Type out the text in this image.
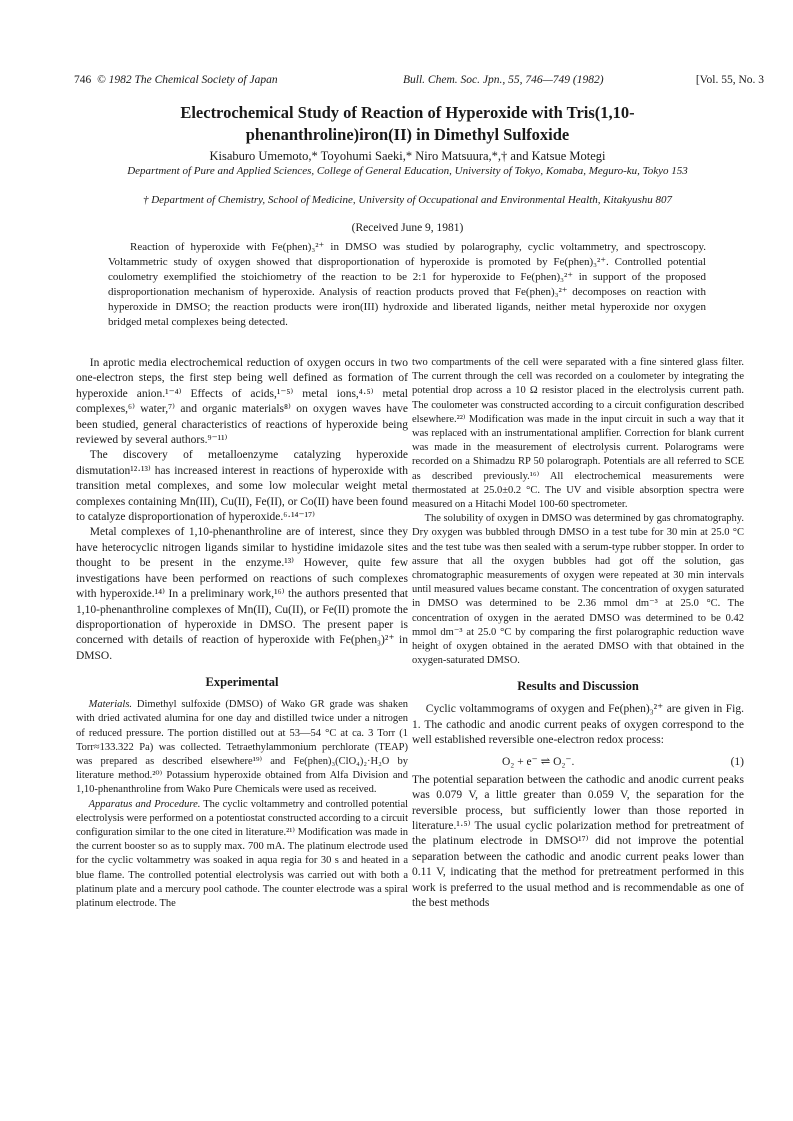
746 © 1982 The Chemical Society of Japan	Bull. Chem. Soc. Jpn., 55, 746—749 (1982)	[Vol. 55, No. 3
Electrochemical Study of Reaction of Hyperoxide with Tris(1,10-phenanthroline)iron(II) in Dimethyl Sulfoxide
Kisaburo Umemoto,* Toyohumi Saeki,* Niro Matsuura,*,† and Katsue Motegi
Department of Pure and Applied Sciences, College of General Education, University of Tokyo, Komaba, Meguro-ku, Tokyo 153
† Department of Chemistry, School of Medicine, University of Occupational and Environmental Health, Kitakyushu 807
(Received June 9, 1981)

Reaction of hyperoxide with Fe(phen)₃²⁺ in DMSO was studied by polarography, cyclic voltammetry, and spectroscopy. Voltammetric study of oxygen showed that disproportionation of hyperoxide is promoted by Fe(phen)₃²⁺. Controlled potential coulometry exemplified the stoichiometry of the reaction to be 2:1 for hyperoxide to Fe(phen)₃²⁺ in support of the proposed disproportionation mechanism of hyperoxide. Analysis of reaction products proved that Fe(phen)₃²⁺ decomposes on reaction with hyperoxide in DMSO; the reaction products were iron(III) hydroxide and liberated ligands, neither metal hyperoxide nor oxygen bridged metal complexes being detected.

In aprotic media electrochemical reduction of oxygen occurs in two one-electron steps, the first step being well defined as formation of hyperoxide anion.¹⁻⁴⁾ Effects of acids,¹⁻⁵⁾ metal ions,⁴·⁵⁾ metal complexes,⁶⁾ water,⁷⁾ and organic materials⁸⁾ on oxygen waves have been studied, general characteristics of reactions of hyperoxide being reviewed by several authors.⁹⁻¹¹⁾

The discovery of metalloenzyme catalyzing hyperoxide dismutation¹²·¹³⁾ has increased interest in reactions of hyperoxide with transition metal complexes, and some low molecular weight metal complexes containing Mn(III), Cu(II), Fe(II), or Co(II) have been found to catalyze disproportionation of hyperoxide.⁶·¹⁴⁻¹⁷⁾

Metal complexes of 1,10-phenanthroline are of interest, since they have heterocyclic nitrogen ligands similar to hystidine imidazole sites thought to be present in the enzyme.¹³⁾ However, quite few investigations have been performed on reactions of such complexes with hyperoxide.¹⁴⁾ In a preliminary work,¹⁶⁾ the authors presented that 1,10-phenanthroline complexes of Mn(II), Cu(II), or Fe(II) promote the disproportionation of hyperoxide in DMSO. The present paper is concerned with details of reaction of hyperoxide with Fe(phen₃)²⁺ in DMSO.

Experimental

Materials. Dimethyl sulfoxide (DMSO) of Wako GR grade was shaken with dried activated alumina for one day and distilled twice under a nitrogen of reduced pressure. The portion distilled out at 53—54 °C at ca. 3 Torr (1 Torr≈133.322 Pa) was collected. Tetraethylammonium perchlorate (TEAP) was prepared as described elsewhere¹⁹⁾ and Fe(phen)₃(ClO₄)₂·H₂O by literature method.²⁰⁾ Potassium hyperoxide obtained from Alfa Division and 1,10-phenanthroline from Wako Pure Chemicals were used as received.

Apparatus and Procedure. The cyclic voltammetry and controlled potential electrolysis were performed on a potentiostat constructed according to a circuit configuration similar to the one cited in literature.²¹⁾ Modification was made in the current booster so as to supply max. 700 mA. The platinum electrode used for the cyclic voltammetry was soaked in aqua regia for 30 s and heated in a blue flame. The controlled potential electrolysis was carried out with both a platinum plate and a mercury pool cathode. The counter electrode was a spiral platinum electrode. The

two compartments of the cell were separated with a fine sintered glass filter. The current through the cell was recorded on a coulometer by integrating the potential drop across a 10 Ω resistor placed in the electrolysis current path. The coulometer was constructed according to a circuit configuration described elsewhere.²²⁾ Modification was made in the input circuit in such a way that it was replaced with an instrumentational amplifier. Correction for blank current was made in the measurement of electrolysis current. Polarograms were recorded on a Shimadzu RP 50 polarograph. Potentials are all referred to SCE as described previously.¹⁶⁾ All electrochemical measurements were thermostated at 25.0±0.2 °C. The UV and visible absorption spectra were measured on a Hitachi Model 100-60 spectrometer.

The solubility of oxygen in DMSO was determined by gas chromatography. Dry oxygen was bubbled through DMSO in a test tube for 30 min at 25.0 °C and the test tube was then sealed with a serum-type rubber stopper. In order to assure that all the oxygen bubbles had got off the solution, gas chromatographic measurements of oxygen were repeated at 30 min intervals until measured values became constant. The concentration of oxygen saturated in DMSO was determined to be 2.36 mmol dm⁻³ at 25.0 °C. The concentration of oxygen in the aerated DMSO was determined to be 0.42 mmol dm⁻³ at 25.0 °C by comparing the first polarographic reduction wave height of oxygen obtained in the aerated DMSO with that obtained in the oxygen-saturated DMSO.

Results and Discussion

Cyclic voltammograms of oxygen and Fe(phen)₃²⁺ are given in Fig. 1. The cathodic and anodic current peaks of oxygen correspond to the well established reversible one-electron redox process:

O₂ + e⁻ ⇌ O₂⁻.	(1)

The potential separation between the cathodic and anodic current peaks was 0.079 V, a little greater than 0.059 V, the separation for the reversible process, but sufficiently lower than those reported in literature.¹·⁵⁾ The usual cyclic polarization method for pretreatment of the platinum electrode in DMSO¹⁷⁾ did not improve the potential separation between the cathodic and anodic current peaks lower than 0.11 V, indicating that the method for pretreatment performed in this work is preferred to the usual method and is recommendable as one of the best methods
